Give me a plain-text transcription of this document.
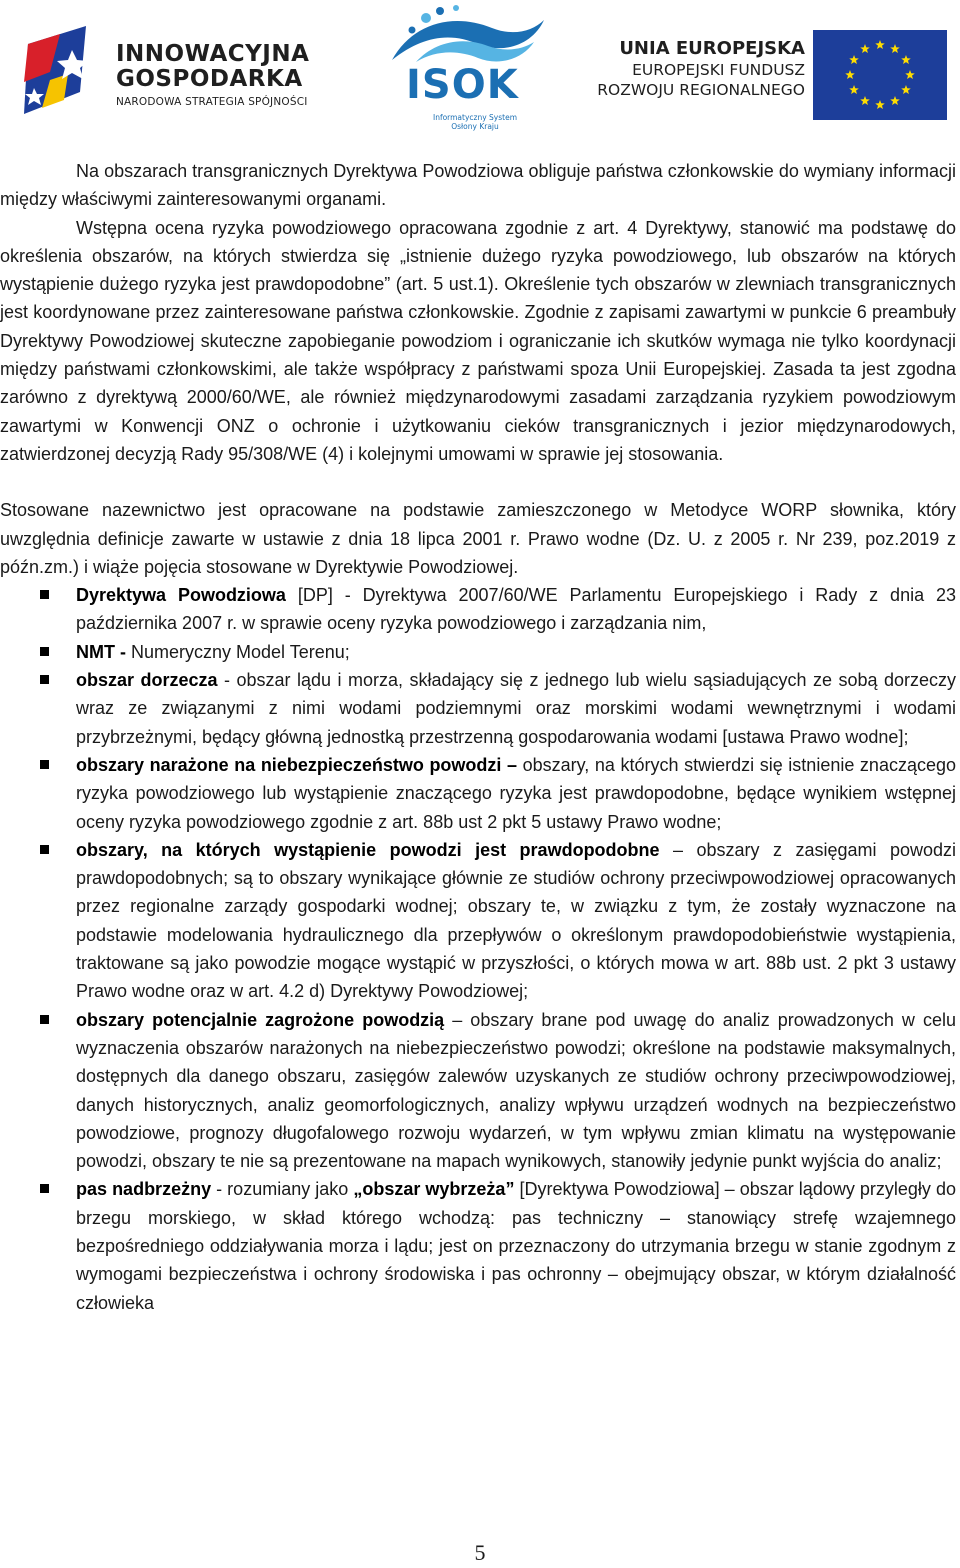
INNOWACYJNA
GOSPODARKA
NARODOWA STRATEGIA SPÓJNOŚCI ISOK
Informatyczny System
Osłony Kraju
UNIA EUROPEJSKA
EUROPEJSKI FUNDUSZ
ROZWOJU REGIONALNEGO

Na obszarach transgranicznych Dyrektywa Powodziowa obliguje państwa członkowskie do wymiany informacji między właściwymi zainteresowanymi organami.

Wstępna ocena ryzyka powodziowego opracowana zgodnie z art. 4 Dyrektywy, stanowić ma podstawę do określenia obszarów, na których stwierdza się „istnienie dużego ryzyka powodziowego, lub obszarów na których wystąpienie dużego ryzyka jest prawdopodobne” (art. 5 ust.1). Określenie tych obszarów w zlewniach transgranicznych jest koordynowane przez zainteresowane państwa członkowskie. Zgodnie z zapisami zawartymi w punkcie 6 preambuły Dyrektywy Powodziowej skuteczne zapobieganie powodziom i ograniczanie ich skutków wymaga nie tylko koordynacji między państwami członkowskimi, ale także współpracy z państwami spoza Unii Europejskiej. Zasada ta jest zgodna zarówno z dyrektywą 2000/60/WE, ale również międzynarodowymi zasadami zarządzania ryzykiem powodziowym zawartymi w Konwencji ONZ o ochronie i użytkowaniu cieków transgranicznych i jezior międzynarodowych, zatwierdzonej decyzją Rady 95/308/WE (4) i kolejnymi umowami w sprawie jej stosowania.

Stosowane nazewnictwo jest opracowane na podstawie zamieszczonego w Metodyce WORP słownika, który uwzględnia definicje zawarte w ustawie z dnia 18 lipca 2001 r. Prawo wodne (Dz. U. z 2005 r. Nr 239, poz.2019 z późn.zm.) i wiąże pojęcia stosowane w Dyrektywie Powodziowej.

Dyrektywa Powodziowa [DP] - Dyrektywa 2007/60/WE Parlamentu Europejskiego i Rady z dnia 23 października 2007 r. w sprawie oceny ryzyka powodziowego i zarządzania nim,
NMT - Numeryczny Model Terenu;
obszar dorzecza - obszar lądu i morza, składający się z jednego lub wielu sąsiadujących ze sobą dorzeczy wraz ze związanymi z nimi wodami podziemnymi oraz morskimi wodami wewnętrznymi i wodami przybrzeżnymi, będący główną jednostką przestrzenną gospodarowania wodami [ustawa Prawo wodne];
obszary narażone na niebezpieczeństwo powodzi – obszary, na których stwierdzi się istnienie znaczącego ryzyka powodziowego lub wystąpienie znaczącego ryzyka jest prawdopodobne, będące wynikiem wstępnej oceny ryzyka powodziowego zgodnie z art. 88b ust 2 pkt 5 ustawy Prawo wodne;
obszary, na których wystąpienie powodzi jest prawdopodobne – obszary z zasięgami powodzi prawdopodobnych; są to obszary wynikające głównie ze studiów ochrony przeciwpowodziowej opracowanych przez regionalne zarządy gospodarki wodnej; obszary te, w związku z tym, że zostały wyznaczone na podstawie modelowania hydraulicznego dla przepływów o określonym prawdopodobieństwie wystąpienia, traktowane są jako powodzie mogące wystąpić w przyszłości, o których mowa w art. 88b ust. 2 pkt 3 ustawy Prawo wodne oraz w art. 4.2 d) Dyrektywy Powodziowej;
obszary potencjalnie zagrożone powodzią – obszary brane pod uwagę do analiz prowadzonych w celu wyznaczenia obszarów narażonych na niebezpieczeństwo powodzi; określone na podstawie maksymalnych, dostępnych dla danego obszaru, zasięgów zalewów uzyskanych ze studiów ochrony przeciwpowodziowej, danych historycznych, analiz geomorfologicznych, analizy wpływu urządzeń wodnych na bezpieczeństwo powodziowe, prognozy długofalowego rozwoju wydarzeń, w tym wpływu zmian klimatu na występowanie powodzi, obszary te nie są prezentowane na mapach wynikowych, stanowiły jedynie punkt wyjścia do analiz;
pas nadbrzeżny - rozumiany jako „obszar wybrzeża” [Dyrektywa Powodziowa] – obszar lądowy przyległy do brzegu morskiego, w skład którego wchodzą: pas techniczny – stanowiący strefę wzajemnego bezpośredniego oddziaływania morza i lądu; jest on przeznaczony do utrzymania brzegu w stanie zgodnym z wymogami bezpieczeństwa i ochrony środowiska i pas ochronny – obejmujący obszar, w którym działalność człowieka
5
